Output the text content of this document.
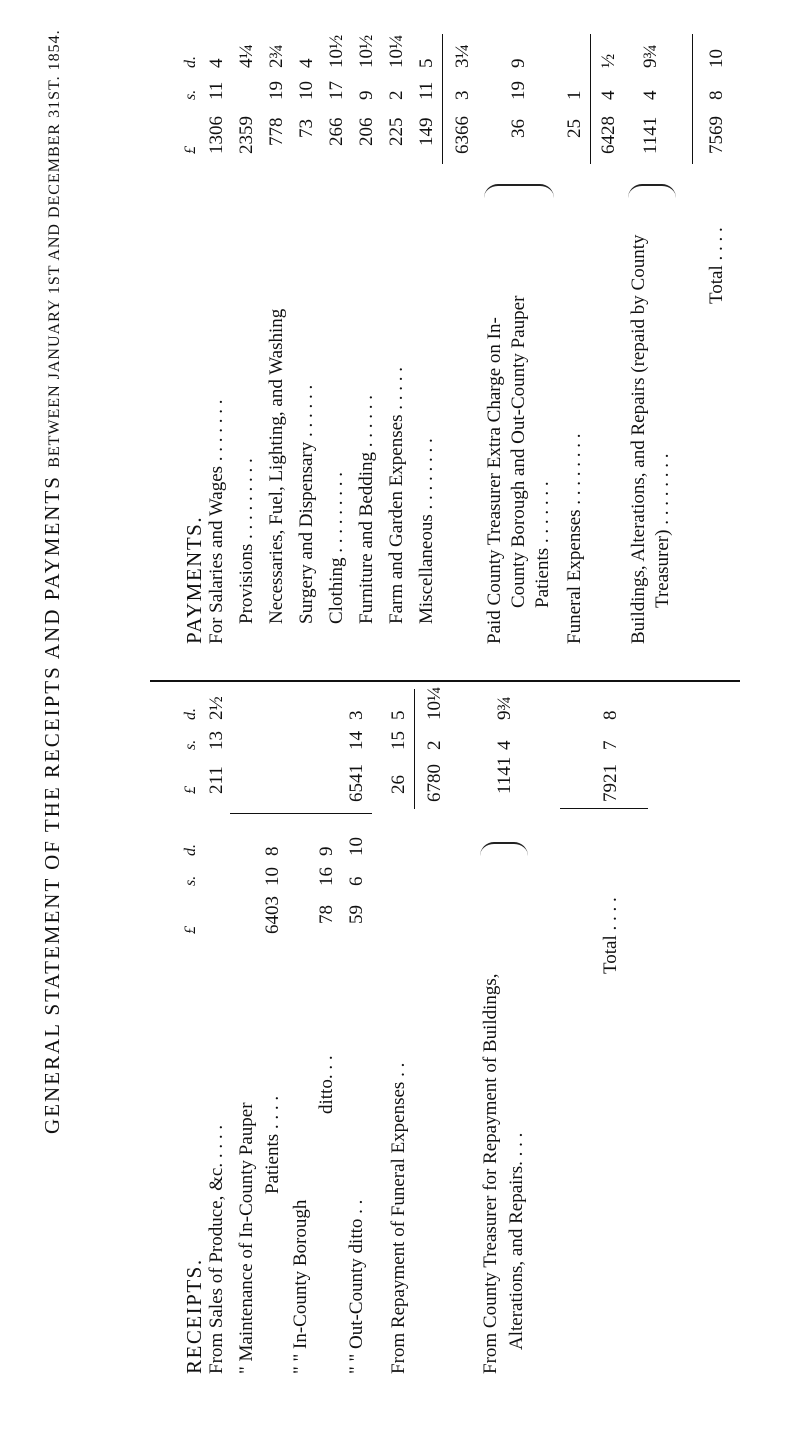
GENERAL STATEMENT OF THE RECEIPTS AND PAYMENTS BETWEEN JANUARY 1ST AND DECEMBER 31ST. 1854.
RECEIPTS.
£
s.
d.
£
s.
d.
From Sales of Produce, &c. . . . .
211
13
2½
" Maintenance of In-County Pauper Patients . . . .
6403
10
8
" " In-County Borough
ditto. . .
78
16
9
" " Out-County ditto . .
59
6
10
6541
14
3
From Repayment of Funeral Expenses . .
26
15
5
6780
2
10¼
From County Treasurer for Repayment of Buildings, Alterations, and Repairs. . . .
1141
4
9¾
Total . . . .
7921
7
8
PAYMENTS.
£
s.
d.
For Salaries and Wages . . . . . . .
1306
11
4
Provisions . . . . . . . . .
2359
4¼
Necessaries, Fuel, Lighting, and Washing
778
19
2¾
Surgery and Dispensary . . . . . .
73
10
4
Clothing . . . . . . . . .
266
17
10½
Furniture and Bedding . . . . . .
206
9
10½
Farm and Garden Expenses . . . . .
225
2
10¼
Miscellaneous . . . . . . . .
149
11
5
6366
3
3¼
Paid County Treasurer Extra Charge on In- County Borough and Out-County Pauper Patients . . . . . . .
36
19
9
Funeral Expenses . . . . . . . .
25
1
6428
4
½
Buildings, Alterations, and Repairs (repaid by County Treasurer) . . . . . . . .
1141
4
9¾
Total . . . .
7569
8
10
